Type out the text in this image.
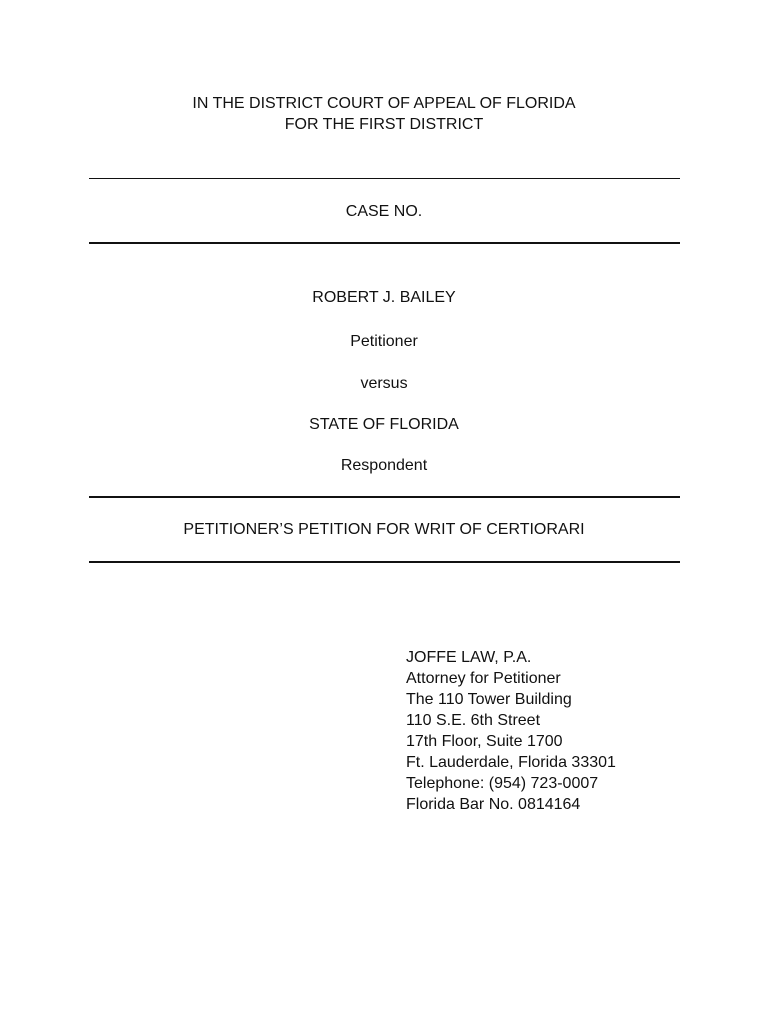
IN THE DISTRICT COURT OF APPEAL OF FLORIDA
FOR THE FIRST DISTRICT
CASE NO.
ROBERT J. BAILEY
Petitioner
versus
STATE OF FLORIDA
Respondent
PETITIONER’S PETITION FOR WRIT OF CERTIORARI
JOFFE LAW, P.A.
Attorney for Petitioner
The 110 Tower Building
110 S.E. 6th Street
17th Floor, Suite 1700
Ft. Lauderdale, Florida 33301
Telephone: (954) 723-0007
Florida Bar No. 0814164
